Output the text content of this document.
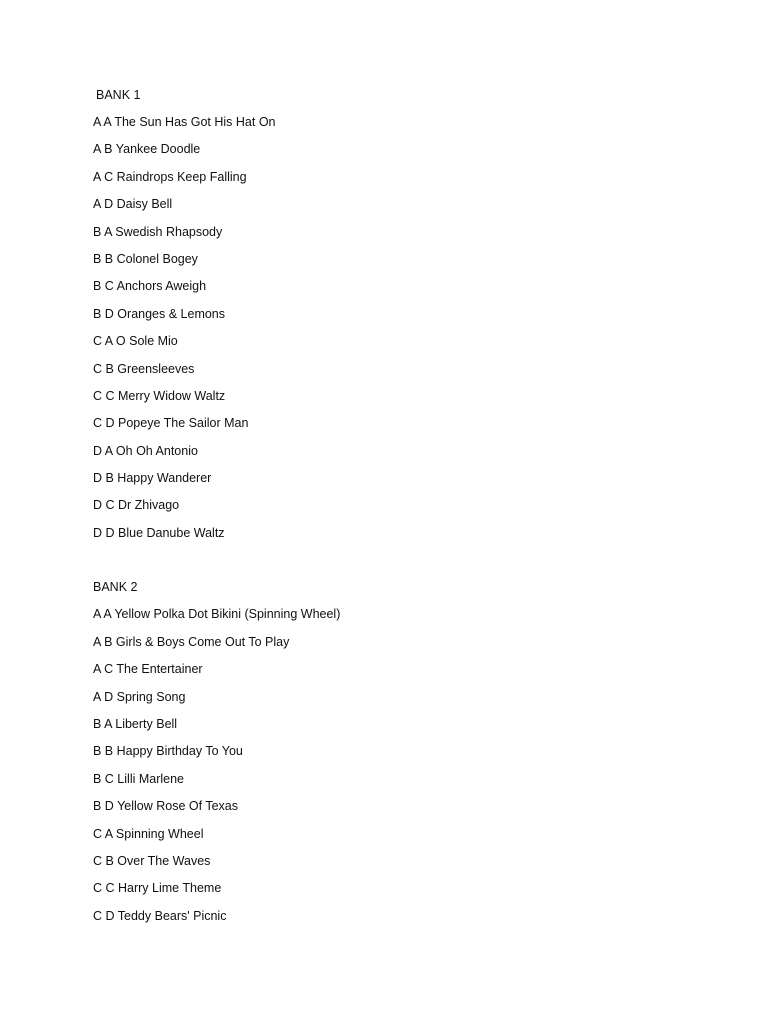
BANK 1
A A The Sun Has Got His Hat On
A B Yankee Doodle
A C Raindrops Keep Falling
A D Daisy Bell
B A Swedish Rhapsody
B B Colonel Bogey
B C Anchors Aweigh
B D Oranges & Lemons
C A O Sole Mio
C B Greensleeves
C C Merry Widow Waltz
C D Popeye The Sailor Man
D A Oh Oh Antonio
D B Happy Wanderer
D C Dr Zhivago
D D Blue Danube Waltz
BANK 2
A A Yellow Polka Dot Bikini (Spinning Wheel)
A B Girls & Boys Come Out To Play
A C The Entertainer
A D Spring Song
B A Liberty Bell
B B Happy Birthday To You
B C Lilli Marlene
B D Yellow Rose Of Texas
C A Spinning Wheel
C B Over The Waves
C C Harry Lime Theme
C D Teddy Bears' Picnic
